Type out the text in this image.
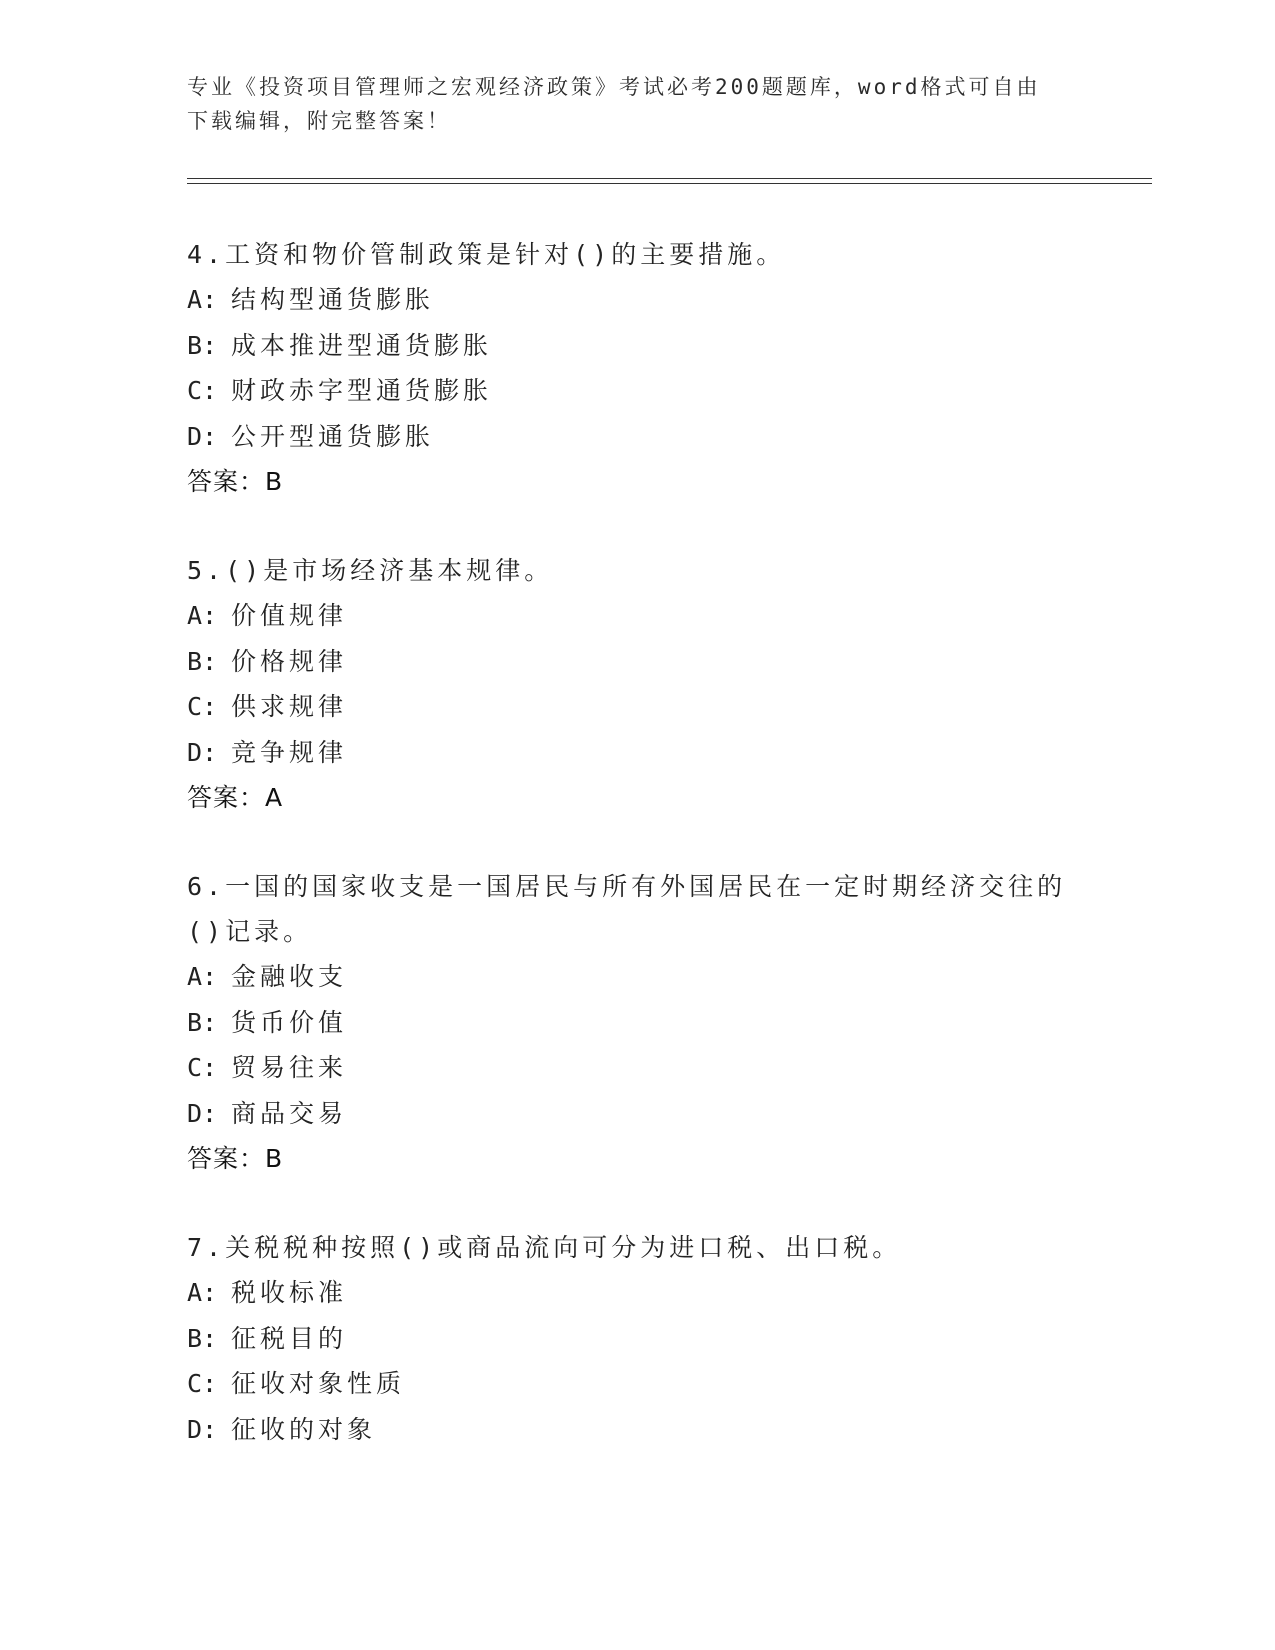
专业《投资项目管理师之宏观经济政策》考试必考200题题库，word格式可自由
下载编辑，附完整答案！
4.工资和物价管制政策是针对()的主要措施。
A: 结构型通货膨胀
B: 成本推进型通货膨胀
C: 财政赤字型通货膨胀
D: 公开型通货膨胀
答案：B
5.()是市场经济基本规律。
A: 价值规律
B: 价格规律
C: 供求规律
D: 竞争规律
答案：A
6.一国的国家收支是一国居民与所有外国居民在一定时期经济交往的
()记录。
A: 金融收支
B: 货币价值
C: 贸易往来
D: 商品交易
答案：B
7.关税税种按照()或商品流向可分为进口税、出口税。
A: 税收标准
B: 征税目的
C: 征收对象性质
D: 征收的对象
